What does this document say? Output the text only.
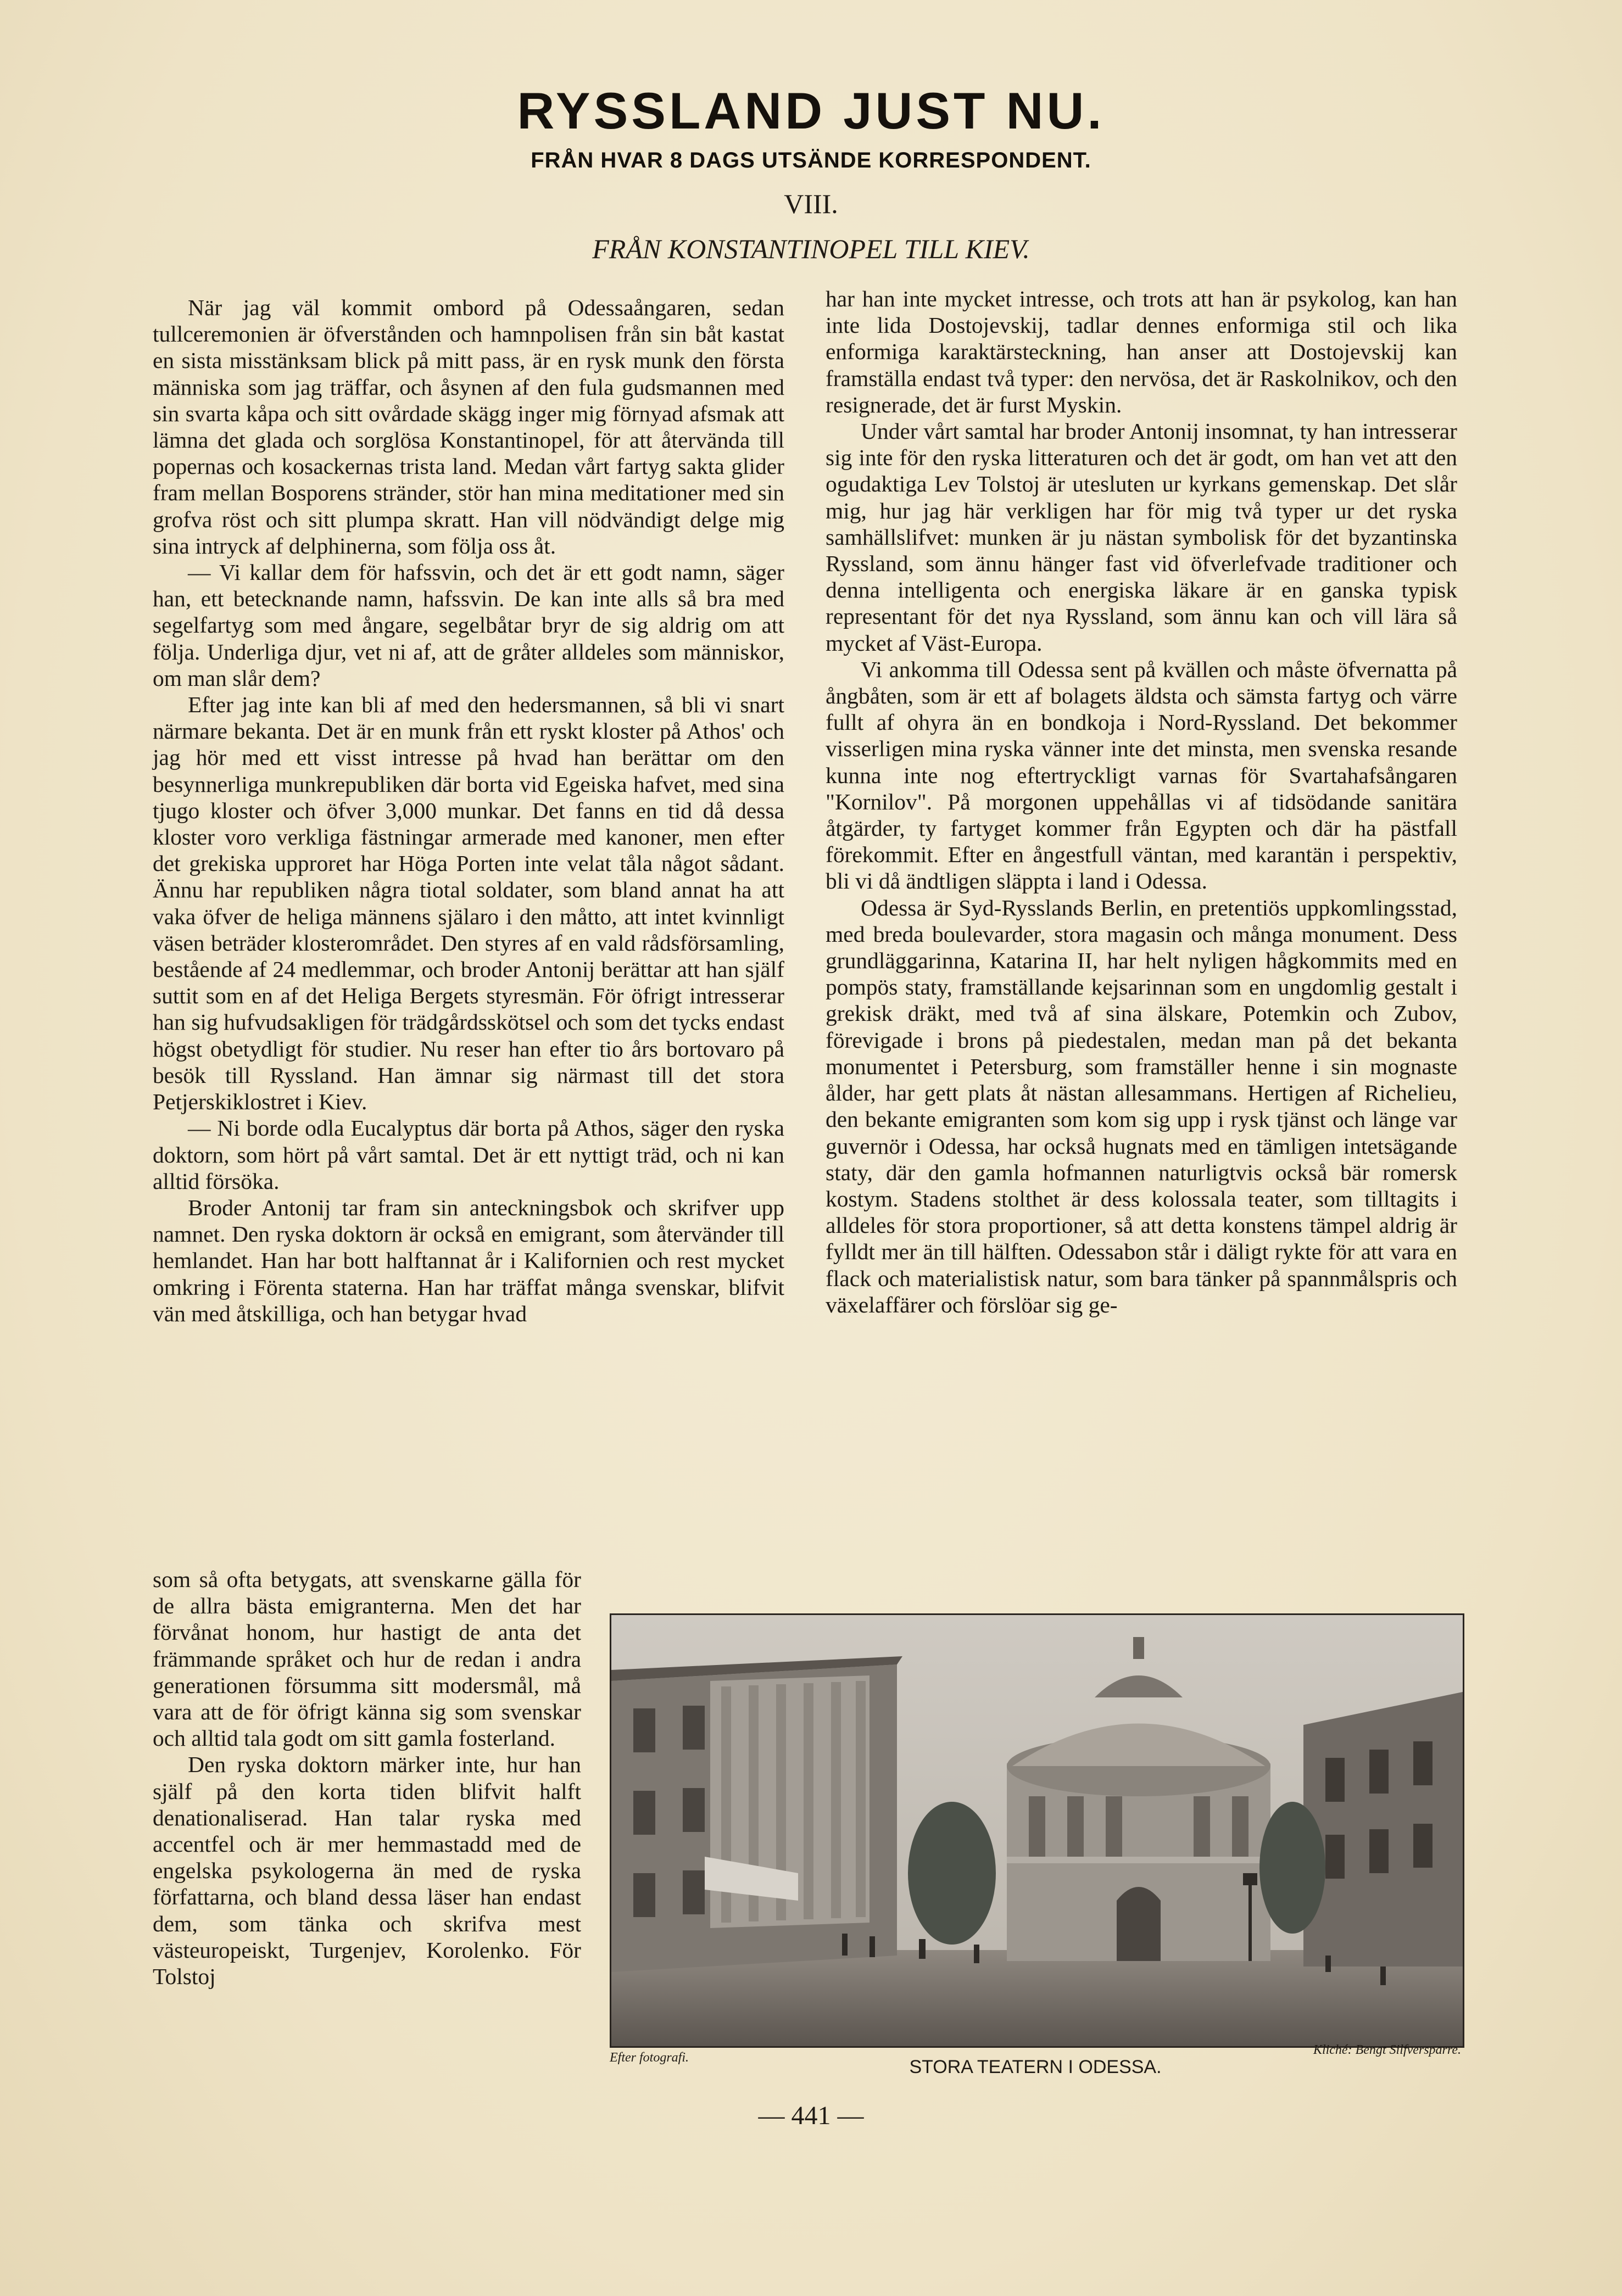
RYSSLAND JUST NU.
FRÅN HVAR 8 DAGS UTSÄNDE KORRESPONDENT.
VIII.
FRÅN KONSTANTINOPEL TILL KIEV.

När jag väl kommit ombord på Odessaångaren, sedan tullceremonien är öfverstånden och hamnpolisen från sin båt kastat en sista misstänksam blick på mitt pass, är en rysk munk den första människa som jag träffar, och åsynen af den fula gudsmannen med sin svarta kåpa och sitt ovårdade skägg inger mig förnyad afsmak att lämna det glada och sorglösa Konstantinopel, för att återvända till popernas och kosackernas trista land. Medan vårt fartyg sakta glider fram mellan Bosporens stränder, stör han mina meditationer med sin grofva röst och sitt plumpa skratt. Han vill nödvändigt delge mig sina intryck af delphinerna, som följa oss åt.

— Vi kallar dem för hafssvin, och det är ett godt namn, säger han, ett betecknande namn, hafssvin. De kan inte alls så bra med segelfartyg som med ångare, segelbåtar bryr de sig aldrig om att följa. Underliga djur, vet ni af, att de gråter alldeles som människor, om man slår dem?

Efter jag inte kan bli af med den hedersmannen, så bli vi snart närmare bekanta. Det är en munk från ett ryskt kloster på Athos' och jag hör med ett visst intresse på hvad han berättar om den besynnerliga munkrepubliken där borta vid Egeiska hafvet, med sina tjugo kloster och öfver 3,000 munkar. Det fanns en tid då dessa kloster voro verkliga fästningar armerade med kanoner, men efter det grekiska upproret har Höga Porten inte velat tåla något sådant. Ännu har republiken några tiotal soldater, som bland annat ha att vaka öfver de heliga männens själaro i den måtto, att intet kvinnligt väsen beträder klosterområdet. Den styres af en vald rådsförsamling, bestående af 24 medlemmar, och broder Antonij berättar att han själf suttit som en af det Heliga Bergets styresmän. För öfrigt intresserar han sig hufvudsakligen för trädgårdsskötsel och som det tycks endast högst obetydligt för studier. Nu reser han efter tio års bortovaro på besök till Ryssland. Han ämnar sig närmast till det stora Petjerskiklostret i Kiev.

— Ni borde odla Eucalyptus där borta på Athos, säger den ryska doktorn, som hört på vårt samtal. Det är ett nyttigt träd, och ni kan alltid försöka.

Broder Antonij tar fram sin anteckningsbok och skrifver upp namnet. Den ryska doktorn är också en emigrant, som återvänder till hemlandet. Han har bott halftannat år i Kalifornien och rest mycket omkring i Förenta staterna. Han har träffat många svenskar, blifvit vän med åtskilliga, och han betygar hvad

som så ofta betygats, att svenskarne gälla för de allra bästa emigranterna. Men det har förvånat honom, hur hastigt de anta det främmande språket och hur de redan i andra generationen försumma sitt modersmål, må vara att de för öfrigt känna sig som svenskar och alltid tala godt om sitt gamla fosterland.

Den ryska doktorn märker inte, hur han själf på den korta tiden blifvit halft denationaliserad. Han talar ryska med accentfel och är mer hemmastadd med de engelska psykologerna än med de ryska författarna, och bland dessa läser han endast dem, som tänka och skrifva mest västeuropeiskt, Turgenjev, Korolenko. För Tolstoj

har han inte mycket intresse, och trots att han är psykolog, kan han inte lida Dostojevskij, tadlar dennes enformiga stil och lika enformiga karaktärsteckning, han anser att Dostojevskij kan framställa endast två typer: den nervösa, det är Raskolnikov, och den resignerade, det är furst Myskin.

Under vårt samtal har broder Antonij insomnat, ty han intresserar sig inte för den ryska litteraturen och det är godt, om han vet att den ogudaktiga Lev Tolstoj är utesluten ur kyrkans gemenskap. Det slår mig, hur jag här verkligen har för mig två typer ur det ryska samhällslifvet: munken är ju nästan symbolisk för det byzantinska Ryssland, som ännu hänger fast vid öfverlefvade traditioner och denna intelligenta och energiska läkare är en ganska typisk representant för det nya Ryssland, som ännu kan och vill lära så mycket af Väst-Europa.

Vi ankomma till Odessa sent på kvällen och måste öfvernatta på ångbåten, som är ett af bolagets äldsta och sämsta fartyg och värre fullt af ohyra än en bondkoja i Nord-Ryssland. Det bekommer visserligen mina ryska vänner inte det minsta, men svenska resande kunna inte nog eftertryckligt varnas för Svartahafsångaren "Kornilov". På morgonen uppehållas vi af tidsödande sanitära åtgärder, ty fartyget kommer från Egypten och där ha pästfall förekommit. Efter en ångestfull väntan, med karantän i perspektiv, bli vi då ändtligen släppta i land i Odessa.

Odessa är Syd-Rysslands Berlin, en pretentiös uppkomlingsstad, med breda boulevarder, stora magasin och många monument. Dess grundläggarinna, Katarina II, har helt nyligen hågkommits med en pompös staty, framställande kejsarinnan som en ungdomlig gestalt i grekisk dräkt, med två af sina älskare, Potemkin och Zubov, förevigade i brons på piedestalen, medan man på det bekanta monumentet i Petersburg, som framställer henne i sin mognaste ålder, har gett plats åt nästan allesammans. Hertigen af Richelieu, den bekante emigranten som kom sig upp i rysk tjänst och länge var guvernör i Odessa, har också hugnats med en tämligen intetsägande staty, där den gamla hofmannen naturligtvis också bär romersk kostym. Stadens stolthet är dess kolossala teater, som tilltagits i alldeles för stora proportioner, så att detta konstens tämpel aldrig är fylldt mer än till hälften. Odessabon står i däligt rykte för att vara en flack och materialistisk natur, som bara tänker på spannmålspris och växelaffärer och förslöar sig ge-

Efter fotografi.	STORA TEATERN I ODESSA.
Kliché: Bengt Silfversparre.
— 441 —
